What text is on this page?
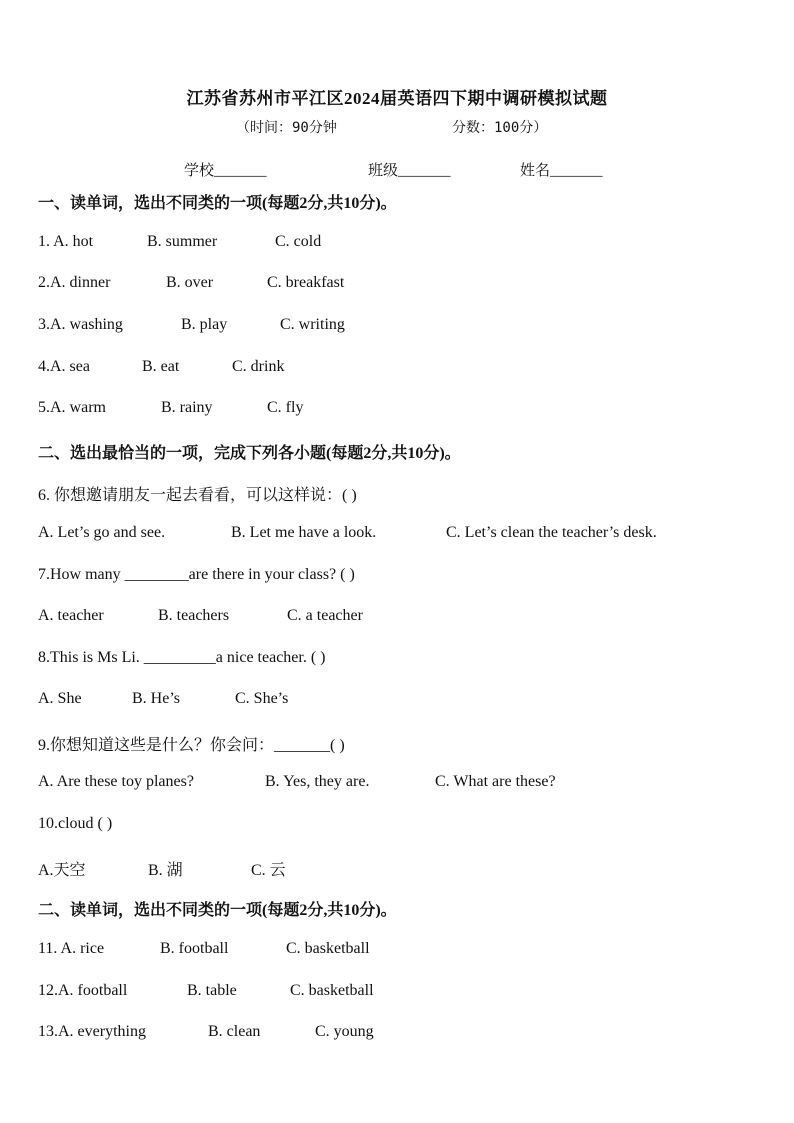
江苏省苏州市平江区2024届英语四下期中调研模拟试题
（时间：90分钟	分数：100分）
学校_______	班级_______	姓名_______
一、读单词，选出不同类的一项(每题2分,共10分)。
1. A. hot	B. summer	C. cold
2.A. dinner	B. over	C. breakfast
3.A. washing	B. play	C. writing
4.A. sea	B. eat	C. drink
5.A. warm	B. rainy	C. fly
二、选出最恰当的一项，完成下列各小题(每题2分,共10分)。
6. 你想邀请朋友一起去看看，可以这样说：( )
A. Let’s go and see.	B. Let me have a look.	C. Let’s clean the teacher’s desk.
7.How many ________are there in your class? ( )
A. teacher	B. teachers	C. a teacher
8.This is Ms Li. _________a nice teacher. ( )
A. She	B. He’s	C. She’s
9.你想知道这些是什么？你会问：_______( )
A. Are these toy planes?	B. Yes, they are.	C. What are these?
10.cloud ( )
A.天空	B. 湖	C. 云
二、读单词，选出不同类的一项(每题2分,共10分)。
11. A. rice	B. football	C. basketball
12.A. football	B. table	C. basketball
13.A. everything	B. clean	C. young
